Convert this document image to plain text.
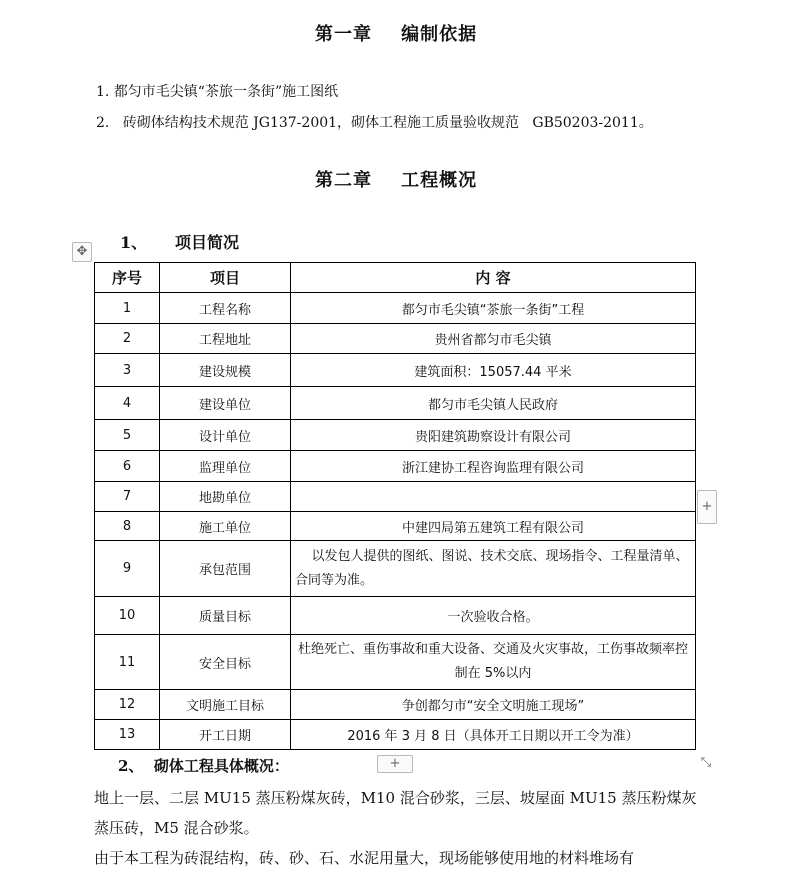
第一章    编制依据
1. 都匀市毛尖镇“茶旅一条街”施工图纸
2.   砖砌体结构技术规范 JG137-2001，砌体工程施工质量验收规范   GB50203-2011。
第二章    工程概况
✥ 1、     项目简况
序号	项目	内 容
1	工程名称	都匀市毛尖镇“茶旅一条街”工程
2	工程地址	贵州省都匀市毛尖镇
3	建设规模	建筑面积：15057.44 平米
4	建设单位	都匀市毛尖镇人民政府
5	设计单位	贵阳建筑勘察设计有限公司
6	监理单位	浙江建协工程咨询监理有限公司
7	地勘单位	
8	施工单位	中建四局第五建筑工程有限公司
9	承包范围	以发包人提供的图纸、图说、技术交底、现场指令、工程量清单、合同等为准。
10	质量目标	一次验收合格。
11	安全目标	杜绝死亡、重伤事故和重大设备、交通及火灾事故，工伤事故频率控制在 5%以内
12	文明施工目标	争创都匀市“安全文明施工现场”
13	开工日期	2016 年 3 月 8 日（具体开工日期以开工令为准）
+
2、  砌体工程具体概况：	+	⤡
地上一层、二层 MU15 蒸压粉煤灰砖，M10 混合砂浆，三层、坡屋面 MU15 蒸压粉煤灰蒸压砖，M5 混合砂浆。
由于本工程为砖混结构，砖、砂、石、水泥用量大，现场能够使用地的材料堆场有
